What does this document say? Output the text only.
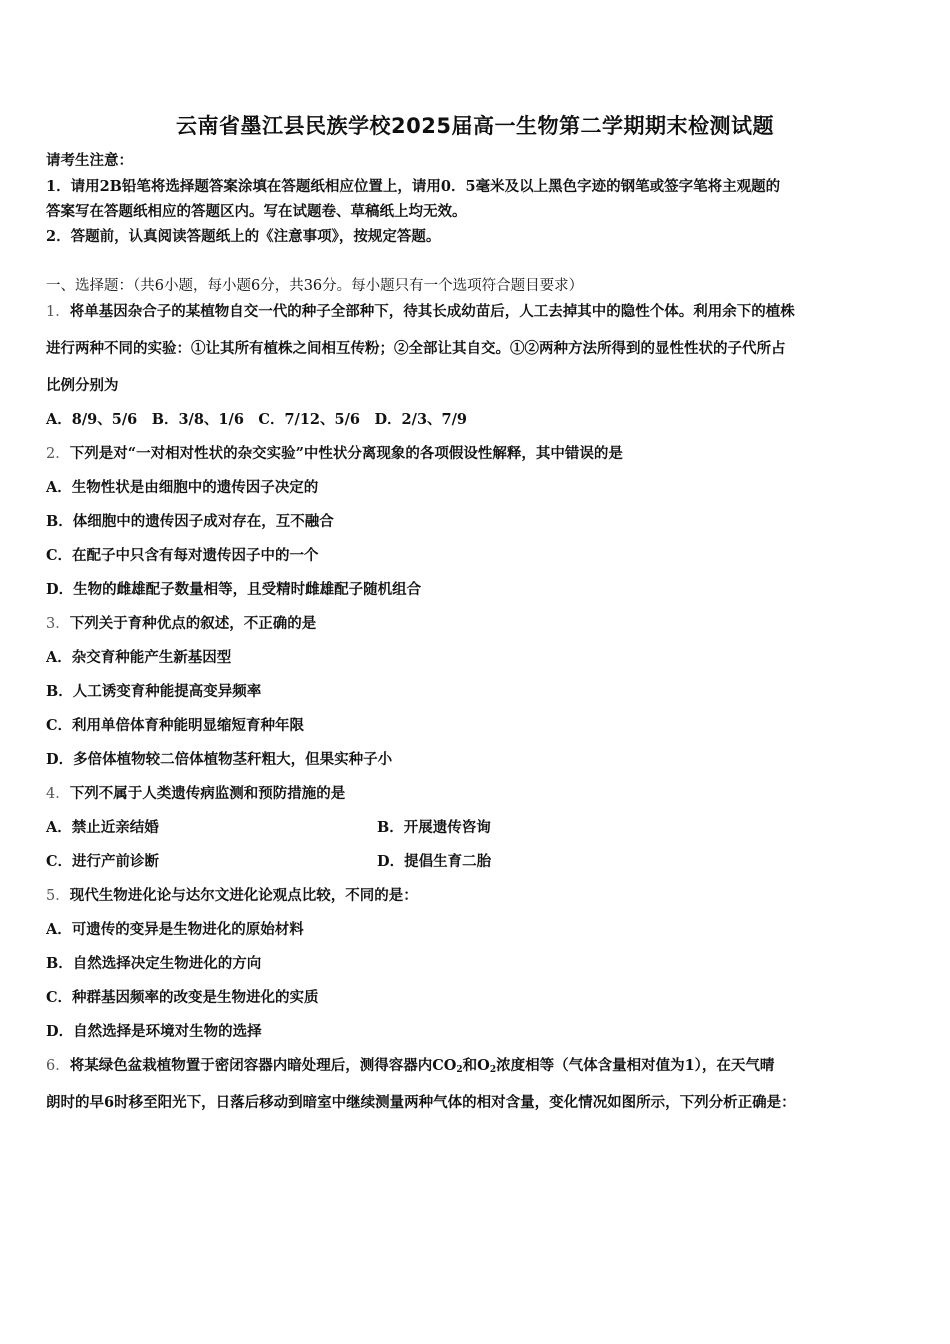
云南省墨江县民族学校2025届高一生物第二学期期末检测试题
请考生注意：
1．请用2B铅笔将选择题答案涂填在答题纸相应位置上，请用0．5毫米及以上黑色字迹的钢笔或签字笔将主观题的
答案写在答题纸相应的答题区内。写在试题卷、草稿纸上均无效。
2．答题前，认真阅读答题纸上的《注意事项》，按规定答题。
一、选择题：（共6小题，每小题6分，共36分。每小题只有一个选项符合题目要求）
1．将单基因杂合子的某植物自交一代的种子全部种下，待其长成幼苗后，人工去掉其中的隐性个体。利用余下的植株
进行两种不同的实验：①让其所有植株之间相互传粉；②全部让其自交。①②两种方法所得到的显性性状的子代所占
比例分别为
A．8/9、5/6　B．3/8、1/6　C．7/12、5/6　D．2/3、7/9
2．下列是对“一对相对性状的杂交实验”中性状分离现象的各项假设性解释，其中错误的是
A．生物性状是由细胞中的遗传因子决定的
B．体细胞中的遗传因子成对存在，互不融合
C．在配子中只含有每对遗传因子中的一个
D．生物的雌雄配子数量相等，且受精时雌雄配子随机组合
3．下列关于育种优点的叙述，不正确的是
A．杂交育种能产生新基因型
B．人工诱变育种能提高变异频率
C．利用单倍体育种能明显缩短育种年限
D．多倍体植物较二倍体植物茎秆粗大，但果实种子小
4．下列不属于人类遗传病监测和预防措施的是
A．禁止近亲结婚	B．开展遗传咨询
C．进行产前诊断	D．提倡生育二胎
5．现代生物进化论与达尔文进化论观点比较，不同的是：
A．可遗传的变异是生物进化的原始材料
B．自然选择决定生物进化的方向
C．种群基因频率的改变是生物进化的实质
D．自然选择是环境对生物的选择
6．将某绿色盆栽植物置于密闭容器内暗处理后，测得容器内$CO_2$和$O_2$浓度相等（气体含量相对值为1），在天气晴
朗时的早6时移至阳光下，日落后移动到暗室中继续测量两种气体的相对含量，变化情况如图所示，下列分析正确是：
